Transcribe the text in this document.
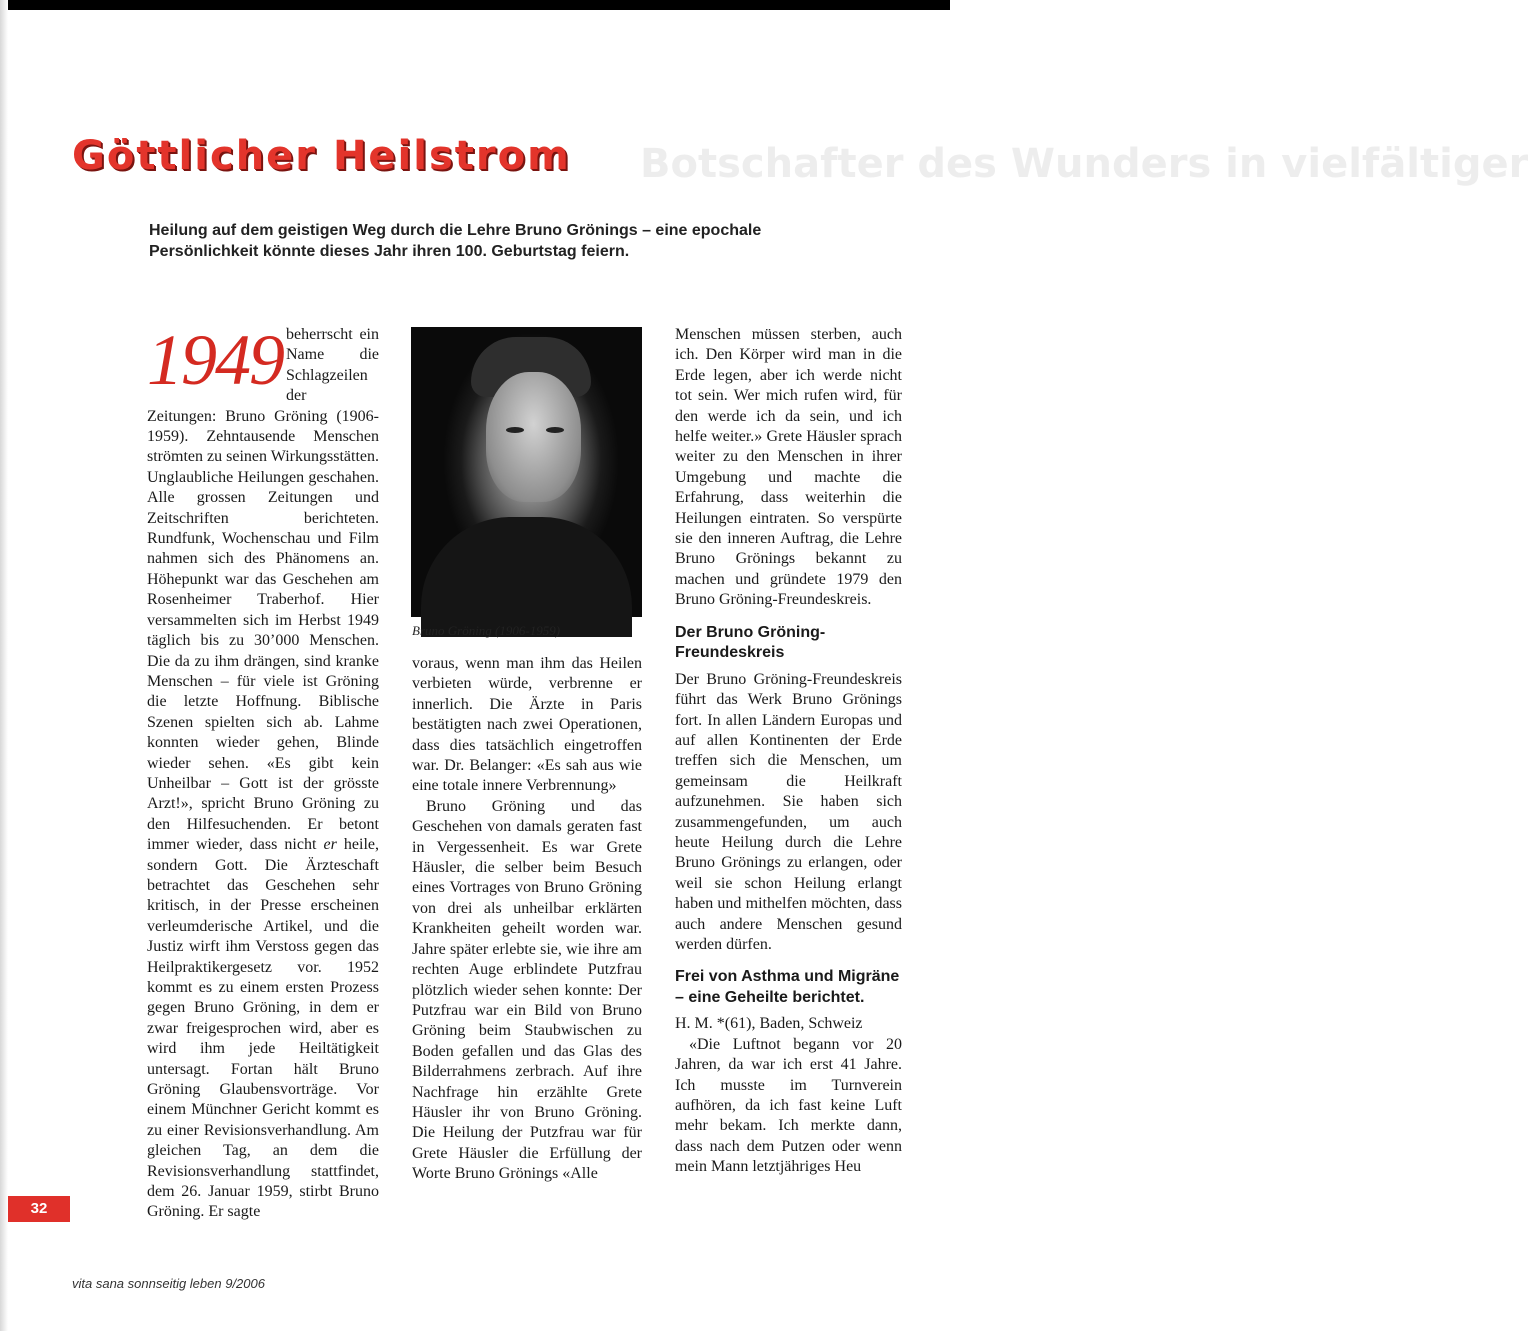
Botschafter des Wunders in vielfältiger
Göttlicher Heilstrom
Heilung auf dem geistigen Weg durch die Lehre Bruno Grönings – eine epochale Persönlichkeit könnte dieses Jahr ihren 100. Geburtstag feiern.

1949 beherrscht ein Name die Schlagzeilen der Zeitungen: Bruno Gröning (1906-1959). Zehntausende Menschen strömten zu seinen Wirkungsstätten. Unglaubliche Heilungen geschahen. Alle grossen Zeitungen und Zeitschriften berichteten. Rundfunk, Wochenschau und Film nahmen sich des Phänomens an. Höhepunkt war das Geschehen am Rosenheimer Traberhof. Hier versammelten sich im Herbst 1949 täglich bis zu 30’000 Menschen. Die da zu ihm drängen, sind kranke Menschen – für viele ist Gröning die letzte Hoffnung. Biblische Szenen spielten sich ab. Lahme konnten wieder gehen, Blinde wieder sehen. «Es gibt kein Unheilbar – Gott ist der grösste Arzt!», spricht Bruno Gröning zu den Hilfesuchenden. Er betont immer wieder, dass nicht er heile, sondern Gott. Die Ärzteschaft betrachtet das Geschehen sehr kritisch, in der Presse erscheinen verleumderische Artikel, und die Justiz wirft ihm Verstoss gegen das Heilpraktikergesetz vor. 1952 kommt es zu einem ersten Prozess gegen Bruno Gröning, in dem er zwar freigesprochen wird, aber es wird ihm jede Heiltätigkeit untersagt. Fortan hält Bruno Gröning Glaubensvorträge. Vor einem Münchner Gericht kommt es zu einer Revisionsverhandlung. Am gleichen Tag, an dem die Revisionsverhandlung stattfindet, dem 26. Januar 1959, stirbt Bruno Gröning. Er sagte

Bruno Gröning (1906-1959)

voraus, wenn man ihm das Heilen verbieten würde, verbrenne er innerlich. Die Ärzte in Paris bestätigten nach zwei Operationen, dass dies tatsächlich eingetroffen war. Dr. Belanger: «Es sah aus wie eine totale innere Verbrennung»

Bruno Gröning und das Geschehen von damals geraten fast in Vergessenheit. Es war Grete Häusler, die selber beim Besuch eines Vortrages von Bruno Gröning von drei als unheilbar erklärten Krankheiten geheilt worden war. Jahre später erlebte sie, wie ihre am rechten Auge erblindete Putzfrau plötzlich wieder sehen konnte: Der Putzfrau war ein Bild von Bruno Gröning beim Staubwischen zu Boden gefallen und das Glas des Bilderrahmens zerbrach. Auf ihre Nachfrage hin erzählte Grete Häusler ihr von Bruno Gröning. Die Heilung der Putzfrau war für Grete Häusler die Erfüllung der Worte Bruno Grönings «Alle

Menschen müssen sterben, auch ich. Den Körper wird man in die Erde legen, aber ich werde nicht tot sein. Wer mich rufen wird, für den werde ich da sein, und ich helfe weiter.» Grete Häusler sprach weiter zu den Menschen in ihrer Umgebung und machte die Erfahrung, dass weiterhin die Heilungen eintraten. So verspürte sie den inneren Auftrag, die Lehre Bruno Grönings bekannt zu machen und gründete 1979 den Bruno Gröning-Freundeskreis.

Der Bruno Gröning-Freundeskreis

Der Bruno Gröning-Freundeskreis führt das Werk Bruno Grönings fort. In allen Ländern Europas und auf allen Kontinenten der Erde treffen sich die Menschen, um gemeinsam die Heilkraft aufzunehmen. Sie haben sich zusammengefunden, um auch heute Heilung durch die Lehre Bruno Grönings zu erlangen, oder weil sie schon Heilung erlangt haben und mithelfen möchten, dass auch andere Menschen gesund werden dürfen.

Frei von Asthma und Migräne – eine Geheilte berichtet.

H. M. *(61), Baden, Schweiz

«Die Luftnot begann vor 20 Jahren, da war ich erst 41 Jahre. Ich musste im Turnverein aufhören, da ich fast keine Luft mehr bekam. Ich merkte dann, dass nach dem Putzen oder wenn mein Mann letztjähriges Heu

32
vita sana sonnseitig leben 9/2006
